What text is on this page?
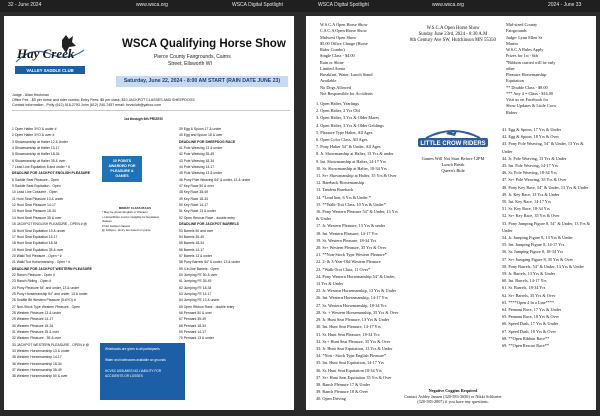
32 - June 2024	www.wsca.org	WSCA Digital Spotlight	WSCA Digital Spotlight	www.wsca.org	2024 - June 33
Hay Creek
VALLEY SADDLE CLUB
WSCA Qualifying Horse Show
Pierce County Fairgrounds, Cairns
Street, Ellsworth WI
Saturday, June 22, 2024 - 8:00 AM START (RAIN DATE JUNE 23)
Judge - Allan Heckman
Office Fee - $5 per horse and rider combo; Entry Fees: $5 per class; $10 JACKPOT CLASSES AND SHEEPDOGS
Contact Information - Polly (612) 518-2793 John (612) 240-7457 email: hcvsclub@yahoo.com
1st through 6th PRIZES!
1 Open Halter 3YO & under #
2 Open Halter 3YO & over #
3 Showmanship at Halter 12 & Under
4 Showmanship at Halter 13-17
5 Showmanship at Halter 18-34
6 Showmanship at Halter 35 & over
7 Lead Line Equitation 8 and under * #
DEADLINE FOR JACKPOT ENGLISH PLEASURE
8 Saddle Seat Pleasure - Open
9 Saddle Seat Equitation - Open
10 Lead Line Costume - Open
11 Hunt Seat Pleasure 13 & under
12 Hunt Seat Pleasure 14-17
13 Hunt Seat Pleasure 18-34
14 Hunt Seat Pleasure 35 & over
15 JACKPOT ENGLISH PLEASURE - OPEN # @
16 Hunt Seat Equitation 13 & under
17 Hunt Seat Equitation 14-17
18 Hunt Seat Equitation 18-34
19 Hunt Seat Equitation 35 & over
20 Walk/Trot Pleasure - Open * #
21 Walk/Trot Horsemanship - Open * #
DEADLINE FOR JACKPOT WESTERN PLEASURE
22 Ranch Pleasure - Open #
23 Ranch Riding - Open #
24 Pony Pleasure 54" and under, 13 & under
25 Pony Horsemanship 54" and under, 13 & under
26 Snaffle Bit Western Pleasure (5-6YO) #
27 Non-Stock Type Western Pleasure - Open
28 Western Pleasure 13 & under
29 Western Pleasure 14-17
30 Western Pleasure 18-34
31 Western Pleasure 35 & over
32 Western Pleasure - 55 & over
33 JACKPOT WESTERN PLEASURE - OPEN # @
34 Western Horsemanship 13 & under
35 Western Horsemanship 14-17
36 Western Horsemanship 18-34
37 Western Horsemanship 35-49
38 Western Horsemanship 50 & over
39 Egg & Spoon 17 & under
40 Egg and Spoon 18 & over
DEADLINE FOR SHEEPDOG RACE
41 Pole Weaving 13 & under
42 Pole Weaving 35-49
43 Pole Weaving 18-34
44 Pole Weaving 14-17
45 Pole Weaving 13 & under
46 Pony Pole Weaving 54" & under, 13 & under
47 Key Race 50 & over
48 Key Race 35-49
49 Key Race 18-34
50 Key Race 14-17
51 Key Race 13 & under
52 Open Rescue Race - double entry
DEADLINE FOR JACKPOT BARRELS
53 Barrels 50 and over
54 Barrels 35-49
55 Barrels 18-34
56 Barrels 14-17
57 Barrels 13 & under
58 Pony Barrels 54" & under, 13 & under
59 4-in-line Barrels - Open
60 Jumping FE 50 & over
61 Jumping FE 35-49
62 Jumping FE 18-34
63 Jumping FE 14-17
64 Jumping FE 13 & under
65 Open Ribbon Race - double entry
66 Pennant 50 & over
67 Pennant 35-49
68 Pennant 18-34
69 Pennant 14-17
70 Pennant 13 & under
10 POINTS
AWARDED FOR
PLEASURE &
GAMES
MIDDAY CLASS RULES
* May be shown English or Western
+ Horse/Rider combo ineligible for Equitation classes
# Not Jackpot classes
@ Jackpot - Entry fee based on purse
Wristbands are given to all participants
Water and bathrooms available on grounds
HCVSC ASSUMES NO LIABILITY FOR ACCIDENTS OR LOSSES
W.S.C.A Open Horse Show
C.S.C.A Open Horse Show
Midwest Open Show
$5.00 Office Charge (Horse
Rider Combo)
Single Class - $4.00
Rain or Shine
Limited Arena
Breakfast, Water, Lunch Stand
Available
No Dogs Allowed
Not Responsible for Accidents
W.S.C.A Open Horse Show
Sunday June 23rd, 2024 - 8:30 A.M
8th Century Ave SW, Hutchinson MN 55350
LITTLE CROW RIDERS
Games Will Not Start Before 12PM
Lunch Break
Queen's Ride
Mid-sized County
Fairgrounds
Judge: Lynn Ellen St
Martin
W.S.C.A Rules Apply
Prizes for 1st - 6th
*Ribbon carried will be only
other
Pleasure Horsemanship
Equitation
** Double Class - $8.00
*** Any 4 = Class - $16.00
Visit us on Facebook for
Show Updates & Little Crow
Riders
1. Open Halter, Yearlings
2. Open Halter, 2 Yrs Old
3. Open Halter, 3 Yrs & Older Mares
4. Open Halter, 3 Yrs & Older Geldings
5. Pleasure Type Halter, All Ages
6. Open Color Class, All Ages
7. Pony Halter 54" & Under, All Ages
8. Jr. Showmanship at Halter, 13 Yrs & under
9. Int. Showmanship at Halter, 14-17 Yrs
10. Sr. Showmanship at Halter, 18-34 Yrs
11. Sr+ Showmanship at Halter, 35 Yrs & Over
12. Bareback Horsemanship
13. Tandem Bareback
14. *Lead line, 6 Yrs & Under *
15. **Walk-Trot Class, 10 Yrs & Under*
16. Pony Western Pleasure 54" & Under, 13 Yrs
& Under
17. Jr. Western Pleasure, 13 Yrs & under
18. Int. Western Pleasure, 14-17 Yrs
19. Sr. Western Pleasure, 18-34 Yrs
20. Sr+ Western Pleasure, 35 Yrs & Over
21. **Non-Stock Type Western Pleasure*
22. 2- & 3-Year-Old Western Pleasure
23. *Walk-Trot Class, 11 Over*
24. Pony Western Horsemanship 54" & Under,
13 Yrs & Under
25. Jr. Western Horsemanship, 13 Yrs & Under
26. Int. Western Horsemanship, 14-17 Yrs
27. Sr. Western Horsemanship, 18-34 Yrs
28. Sr. + Western Horsemanship, 35 Yrs & Over
29. Jr. Hunt Seat Pleasure, 13 Yrs & Under
30. Int. Hunt Seat Pleasure, 14-17 Yrs
31. Sr. Hunt Seat Pleasure, 18-34 Yrs
32. Sr.+ Hunt Seat Pleasure, 35 Yrs & Over
33. Jr. Hunt Seat Equitation, 13 Yrs & Under
34. *Non - Stock Type English Pleasure*
35. Int. Hunt Seat Equitation, 14-17 Yrs
36. Sr. Hunt Seat Equitation 18-34 Yrs
37. Sr+ Hunt Seat Equitation 35 Yrs & Over
38. Ranch Pleasure 17 & Under
39. Ranch Pleasure 18 & Over
40. Open Driving
41. Egg & Spoon, 17 Yrs & Under
42. Egg & Spoon, 18 Yrs & Over
43. Pony Pole Weaving, 54" & Under, 13 Yrs &
Under
44. Jr. Pole Weaving, 13 Yrs & Under
45. Int. Pole Weaving, 14-17 Yrs
46. Sr. Pole Weaving, 18-34 Yrs
47. Sr+ Pole Weaving, 35 Yrs & Over
48. Pony Key Race, 54" & Under, 13 Yrs & Under
49. Jr. Key Race, 13 Yrs & Under
50. Int. Key Race, 14-17 Yrs
51. Sr. Key Race, 18-34 Yrs
52. Sr+ Key Race, 35 Yrs & Over
53. Pony Jumping Figure 8, 54" & Under, 13 Yrs &
Under
54. Jr. Jumping Figure 8, 13 Yrs & Under
55. Int. Jumping Figure 8, 14-17 Yrs
56. Sr. Jumping Figure 8, 18-34 Yrs
57. Sr+ Jumping Figure 8, 35 Yrs & Over
58. Pony Barrels, 54" & Under, 13 Yrs & Under
59. Jr. Barrels, 13 Yrs & Under
60. Int. Barrels, 14-17 Yrs
61. Sr. Barrels, 18-34 Yrs
62. Sr+ Barrels, 35 Yrs & Over
63. ****Open 4 In a Line****
64. Pennant Race, 17 Yrs & Under
65. Pennant Race, 18 Yrs & Over
66. Speed Dash, 17 Yrs & Under
67. Speed Dash, 18 Yrs & Over
68. **Open Ribbon Race**
69. **Open Rescue Race**
Negative Coggins Required
Contact Ashley Jansen (320-583-3656) or Nikki Schlueter
(320-583-2807) if you have any questions.
